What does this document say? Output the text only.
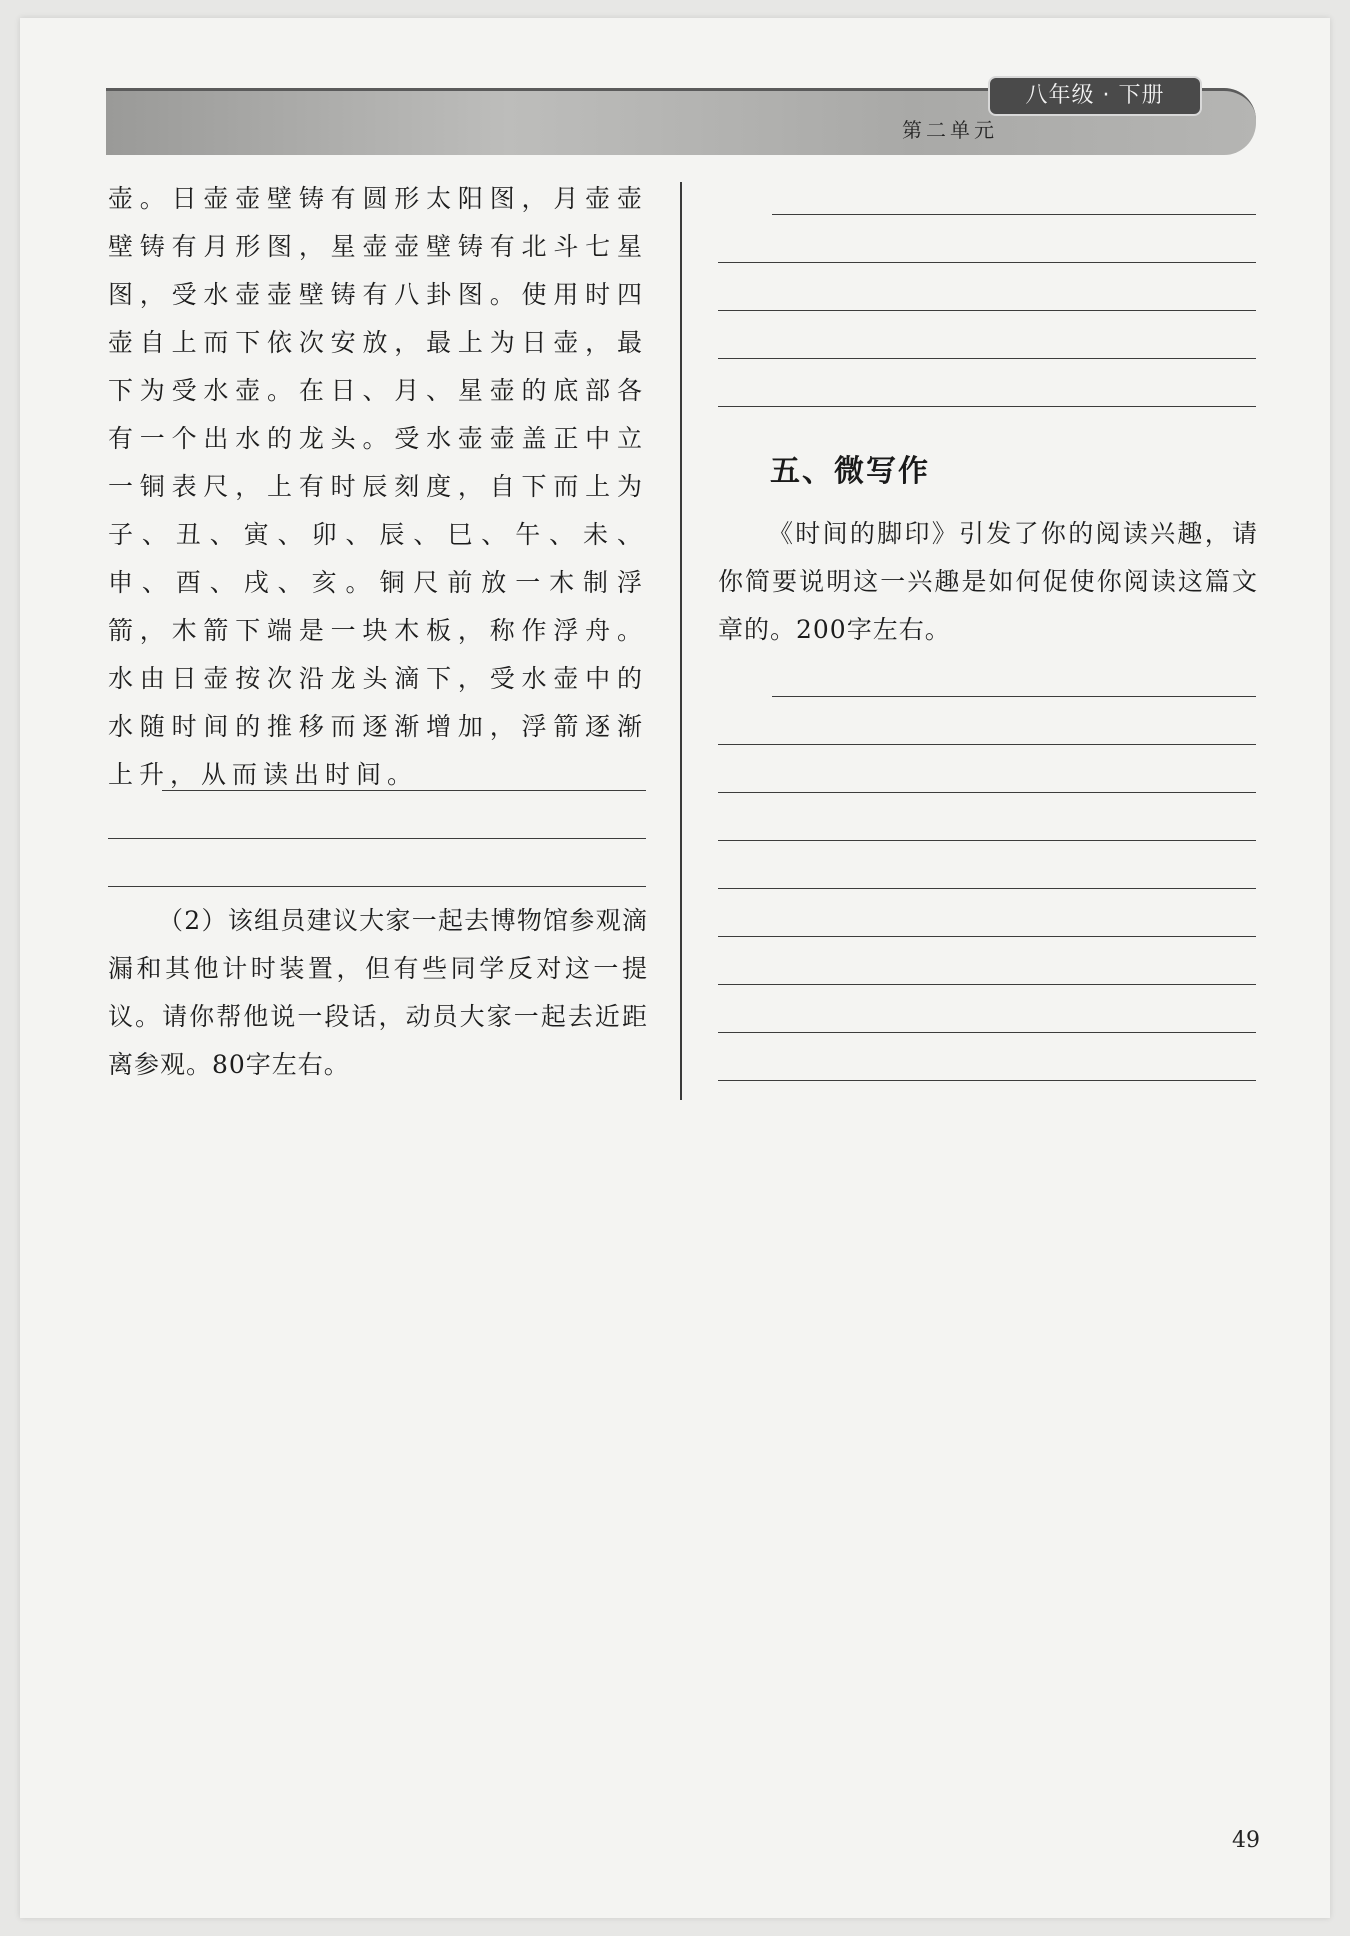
八年级 · 下册
第二单元

壶。日壶壶壁铸有圆形太阳图，月壶壶壁铸有月形图，星壶壶壁铸有北斗七星图，受水壶壶壁铸有八卦图。使用时四壶自上而下依次安放，最上为日壶，最下为受水壶。在日、月、星壶的底部各有一个出水的龙头。受水壶壶盖正中立一铜表尺，上有时辰刻度，自下而上为子、丑、寅、卯、辰、巳、午、未、申、酉、戌、亥。铜尺前放一木制浮箭，木箭下端是一块木板，称作浮舟。水由日壶按次沿龙头滴下，受水壶中的水随时间的推移而逐渐增加，浮箭逐渐上升，从而读出时间。

（2）该组员建议大家一起去博物馆参观滴漏和其他计时装置，但有些同学反对这一提议。请你帮他说一段话，动员大家一起去近距离参观。80字左右。

五、微写作

《时间的脚印》引发了你的阅读兴趣，请你简要说明这一兴趣是如何促使你阅读这篇文章的。200字左右。

49
